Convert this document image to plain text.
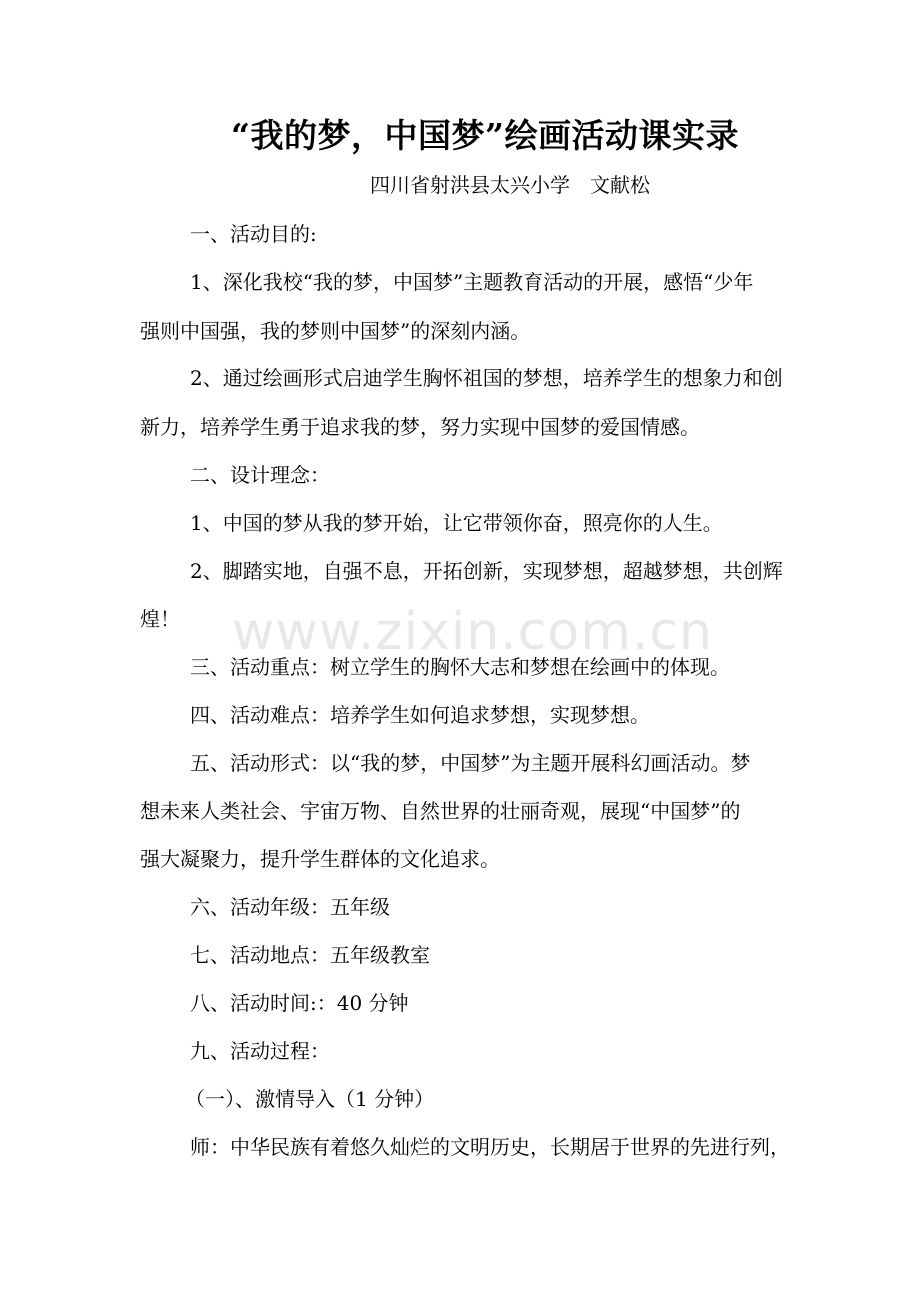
“我的梦，中国梦”绘画活动课实录
四川省射洪县太兴小学　文献松
一、活动目的:
1、深化我校“我的梦，中国梦”主题教育活动的开展，感悟“少年
强则中国强，我的梦则中国梦”的深刻内涵。
2、通过绘画形式启迪学生胸怀祖国的梦想，培养学生的想象力和创
新力，培养学生勇于追求我的梦，努力实现中国梦的爱国情感。
二、设计理念：
1、中国的梦从我的梦开始，让它带领你奋，照亮你的人生。
2、脚踏实地，自强不息，开拓创新，实现梦想，超越梦想，共创辉
煌！
三、活动重点：树立学生的胸怀大志和梦想在绘画中的体现。
四、活动难点：培养学生如何追求梦想，实现梦想。
五、活动形式：以“我的梦，中国梦”为主题开展科幻画活动。梦
想未来人类社会、宇宙万物、自然世界的壮丽奇观，展现“中国梦”的
强大凝聚力，提升学生群体的文化追求。
六、活动年级：五年级
七、活动地点：五年级教室
八、活动时间:：40 分钟
九、活动过程：
（一）、激情导入（1 分钟）
师：中华民族有着悠久灿烂的文明历史，长期居于世界的先进行列，
www.zixin.com.cn
